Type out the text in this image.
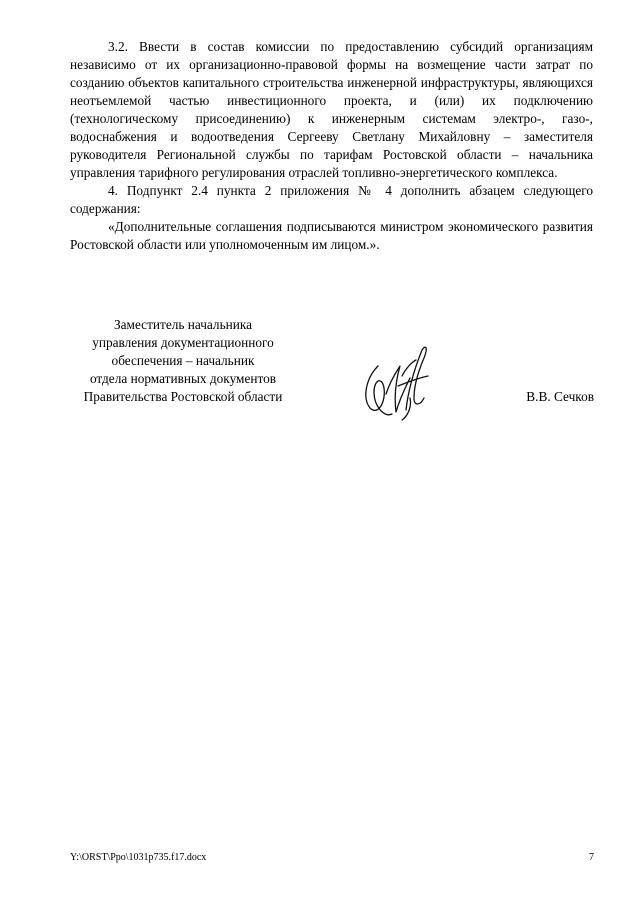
3.2. Ввести в состав комиссии по предоставлению субсидий организациям независимо от их организационно-правовой формы на возмещение части затрат по созданию объектов капитального строительства инженерной инфраструктуры, являющихся неотъемлемой частью инвестиционного проекта, и (или) их подключению (технологическому присоединению) к инженерным системам электро-, газо-, водоснабжения и водоотведения Сергееву Светлану Михайловну – заместителя руководителя Региональной службы по тарифам Ростовской области – начальника управления тарифного регулирования отраслей топливно-энергетического комплекса.

4. Подпункт 2.4 пункта 2 приложения № 4 дополнить абзацем следующего содержания:

«Дополнительные соглашения подписываются министром экономического развития Ростовской области или уполномоченным им лицом.».

Заместитель начальника
управления документационного
обеспечения – начальник
отдела нормативных документов
Правительства Ростовской области	В.В. Сечков
Y:\ORST\Ppo\1031p735.f17.docx	7
